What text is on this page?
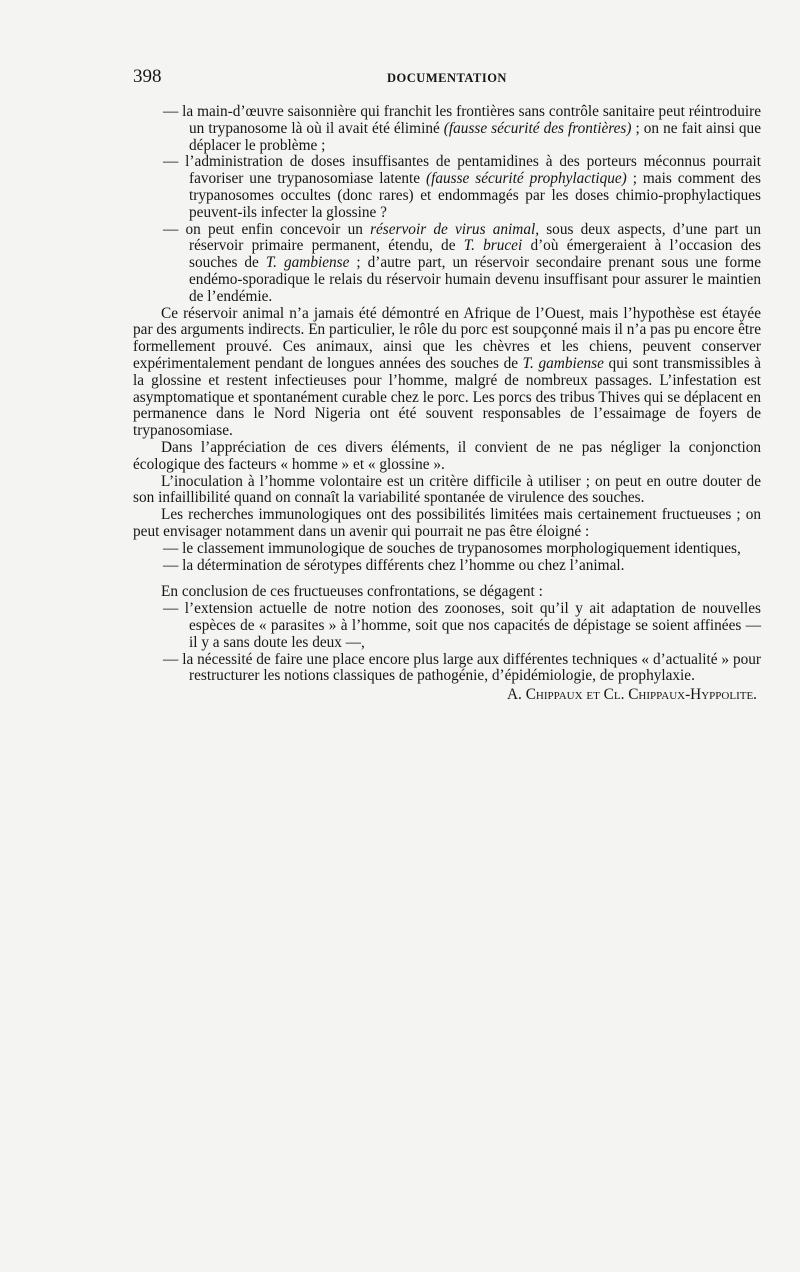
398	DOCUMENTATION

— la main-d’œuvre saisonnière qui franchit les frontières sans contrôle sanitaire peut réintroduire un trypanosome là où il avait été éliminé (fausse sécurité des frontières) ; on ne fait ainsi que déplacer le problème ;

— l’administration de doses insuffisantes de pentamidines à des porteurs méconnus pourrait favoriser une trypanosomiase latente (fausse sécurité prophylactique) ; mais comment des trypanosomes occultes (donc rares) et endommagés par les doses chimio-prophylactiques peuvent-ils infecter la glossine ?

— on peut enfin concevoir un réservoir de virus animal, sous deux aspects, d’une part un réservoir primaire permanent, étendu, de T. brucei d’où émergeraient à l’occasion des souches de T. gambiense ; d’autre part, un réservoir secondaire prenant sous une forme endémo-sporadique le relais du réservoir humain devenu insuffisant pour assurer le maintien de l’endémie.

Ce réservoir animal n’a jamais été démontré en Afrique de l’Ouest, mais l’hypothèse est étayée par des arguments indirects. En particulier, le rôle du porc est soupçonné mais il n’a pas pu encore être formellement prouvé. Ces animaux, ainsi que les chèvres et les chiens, peuvent conserver expérimentalement pendant de longues années des souches de T. gambiense qui sont transmissibles à la glossine et restent infectieuses pour l’homme, malgré de nombreux passages. L’infestation est asymptomatique et spontanément curable chez le porc. Les porcs des tribus Thives qui se déplacent en permanence dans le Nord Nigeria ont été souvent responsables de l’essaimage de foyers de trypanosomiase.

Dans l’appréciation de ces divers éléments, il convient de ne pas négliger la conjonction écologique des facteurs « homme » et « glossine ».

L’inoculation à l’homme volontaire est un critère difficile à utiliser ; on peut en outre douter de son infaillibilité quand on connaît la variabilité spontanée de virulence des souches.

Les recherches immunologiques ont des possibilités limitées mais certainement fructueuses ; on peut envisager notamment dans un avenir qui pourrait ne pas être éloigné :

— le classement immunologique de souches de trypanosomes morphologiquement identiques,

— la détermination de sérotypes différents chez l’homme ou chez l’animal.

En conclusion de ces fructueuses confrontations, se dégagent :

— l’extension actuelle de notre notion des zoonoses, soit qu’il y ait adaptation de nouvelles espèces de « parasites » à l’homme, soit que nos capacités de dépistage se soient affinées — il y a sans doute les deux —,

— la nécessité de faire une place encore plus large aux différentes techniques « d’actualité » pour restructurer les notions classiques de pathogénie, d’épidémiologie, de prophylaxie.

A. Chippaux et Cl. Chippaux-Hyppolite.
